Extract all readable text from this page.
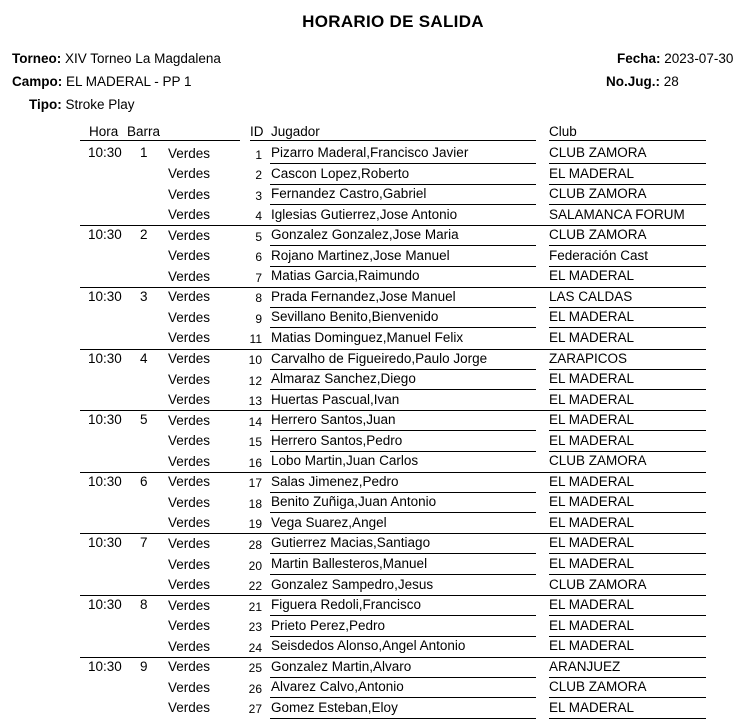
HORARIO DE SALIDA
Torneo: XIV Torneo La Magdalena
Campo: EL MADERAL - PP 1
Tipo: Stroke Play
Fecha: 2023-07-30
No.Jug.: 28
Hora Barra	ID Jugador	Club
10:30 1 Verdes	1 Pizarro Maderal,Francisco Javier	CLUB ZAMORA
Verdes	2 Cascon Lopez,Roberto	EL MADERAL
Verdes	3 Fernandez Castro,Gabriel	CLUB ZAMORA
Verdes	4 Iglesias Gutierrez,Jose Antonio	SALAMANCA FORUM
10:30 2 Verdes	5 Gonzalez Gonzalez,Jose Maria	CLUB ZAMORA
Verdes	6 Rojano Martinez,Jose Manuel	Federación Cast
Verdes	7 Matias Garcia,Raimundo	EL MADERAL
10:30 3 Verdes	8 Prada Fernandez,Jose Manuel	LAS CALDAS
Verdes	9 Sevillano Benito,Bienvenido	EL MADERAL
Verdes	11 Matias Dominguez,Manuel Felix	EL MADERAL
10:30 4 Verdes	10 Carvalho de Figueiredo,Paulo Jorge	ZARAPICOS
Verdes	12 Almaraz Sanchez,Diego	EL MADERAL
Verdes	13 Huertas Pascual,Ivan	EL MADERAL
10:30 5 Verdes	14 Herrero Santos,Juan	EL MADERAL
Verdes	15 Herrero Santos,Pedro	EL MADERAL
Verdes	16 Lobo Martin,Juan Carlos	CLUB ZAMORA
10:30 6 Verdes	17 Salas Jimenez,Pedro	EL MADERAL
Verdes	18 Benito Zuñiga,Juan Antonio	EL MADERAL
Verdes	19 Vega Suarez,Angel	EL MADERAL
10:30 7 Verdes	28 Gutierrez Macias,Santiago	EL MADERAL
Verdes	20 Martin Ballesteros,Manuel	EL MADERAL
Verdes	22 Gonzalez Sampedro,Jesus	CLUB ZAMORA
10:30 8 Verdes	21 Figuera Redoli,Francisco	EL MADERAL
Verdes	23 Prieto Perez,Pedro	EL MADERAL
Verdes	24 Seisdedos Alonso,Angel Antonio	EL MADERAL
10:30 9 Verdes	25 Gonzalez Martin,Alvaro	ARANJUEZ
Verdes	26 Alvarez Calvo,Antonio	CLUB ZAMORA
Verdes	27 Gomez Esteban,Eloy	EL MADERAL
